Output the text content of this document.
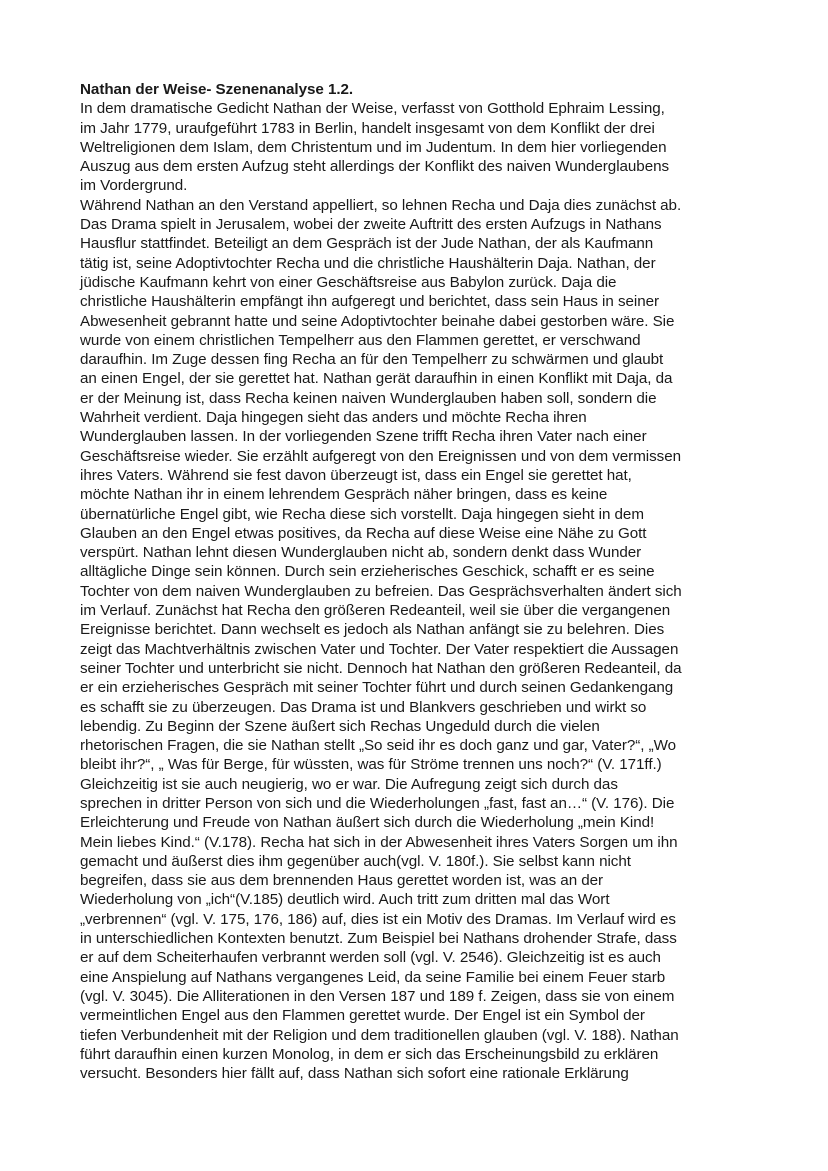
Nathan der Weise- Szenenanalyse 1.2.
In dem dramatische Gedicht Nathan der Weise, verfasst von Gotthold Ephraim Lessing,
im Jahr 1779, uraufgeführt 1783 in Berlin, handelt insgesamt von dem Konflikt der drei
Weltreligionen dem Islam, dem Christentum und im Judentum. In dem hier vorliegenden
Auszug aus dem ersten Aufzug steht allerdings der Konflikt des naiven Wunderglaubens
im Vordergrund.
Während Nathan an den Verstand appelliert, so lehnen Recha und Daja dies zunächst ab.
Das Drama spielt in Jerusalem, wobei der zweite Auftritt des ersten Aufzugs in Nathans
Hausflur stattfindet. Beteiligt an dem Gespräch ist der Jude Nathan, der als Kaufmann
tätig ist, seine Adoptivtochter Recha und die christliche Haushälterin Daja. Nathan, der
jüdische Kaufmann kehrt von einer Geschäftsreise aus Babylon zurück. Daja die
christliche Haushälterin empfängt ihn aufgeregt und berichtet, dass sein Haus in seiner
Abwesenheit gebrannt hatte und seine Adoptivtochter beinahe dabei gestorben wäre. Sie
wurde von einem christlichen Tempelherr aus den Flammen gerettet, er verschwand
daraufhin. Im Zuge dessen fing Recha an für den Tempelherr zu schwärmen und glaubt
an einen Engel, der sie gerettet hat. Nathan gerät daraufhin in einen Konflikt mit Daja, da
er der Meinung ist, dass Recha keinen naiven Wunderglauben haben soll, sondern die
Wahrheit verdient. Daja hingegen sieht das anders und möchte Recha ihren
Wunderglauben lassen. In der vorliegenden Szene trifft Recha ihren Vater nach einer
Geschäftsreise wieder. Sie erzählt aufgeregt von den Ereignissen und von dem vermissen
ihres Vaters. Während sie fest davon überzeugt ist, dass ein Engel sie gerettet hat,
möchte Nathan ihr in einem lehrendem Gespräch näher bringen, dass es keine
übernatürliche Engel gibt, wie Recha diese sich vorstellt. Daja hingegen sieht in dem
Glauben an den Engel etwas positives, da Recha auf diese Weise eine Nähe zu Gott
verspürt. Nathan lehnt diesen Wunderglauben nicht ab, sondern denkt dass Wunder
alltägliche Dinge sein können. Durch sein erzieherisches Geschick, schafft er es seine
Tochter von dem naiven Wunderglauben zu befreien. Das Gesprächsverhalten ändert sich
im Verlauf. Zunächst hat Recha den größeren Redeanteil, weil sie über die vergangenen
Ereignisse berichtet. Dann wechselt es jedoch als Nathan anfängt sie zu belehren. Dies
zeigt das Machtverhältnis zwischen Vater und Tochter. Der Vater respektiert die Aussagen
seiner Tochter und unterbricht sie nicht. Dennoch hat Nathan den größeren Redeanteil, da
er ein erzieherisches Gespräch mit seiner Tochter führt und durch seinen Gedankengang
es schafft sie zu überzeugen. Das Drama ist und Blankvers geschrieben und wirkt so
lebendig. Zu Beginn der Szene äußert sich Rechas Ungeduld durch die vielen
rhetorischen Fragen, die sie Nathan stellt „So seid ihr es doch ganz und gar, Vater?“, „Wo
bleibt ihr?“, „ Was für Berge, für wüssten, was für Ströme trennen uns noch?“ (V. 171ff.)
Gleichzeitig ist sie auch neugierig, wo er war. Die Aufregung zeigt sich durch das
sprechen in dritter Person von sich und die Wiederholungen „fast, fast an…“ (V. 176). Die
Erleichterung und Freude von Nathan äußert sich durch die Wiederholung „mein Kind!
Mein liebes Kind.“ (V.178). Recha hat sich in der Abwesenheit ihres Vaters Sorgen um ihn
gemacht und äußerst dies ihm gegenüber auch(vgl. V. 180f.). Sie selbst kann nicht
begreifen, dass sie aus dem brennenden Haus gerettet worden ist, was an der
Wiederholung von „ich“(V.185) deutlich wird. Auch tritt zum dritten mal das Wort
„verbrennen“ (vgl. V. 175, 176, 186) auf, dies ist ein Motiv des Dramas. Im Verlauf wird es
in unterschiedlichen Kontexten benutzt. Zum Beispiel bei Nathans drohender Strafe, dass
er auf dem Scheiterhaufen verbrannt werden soll (vgl. V. 2546). Gleichzeitig ist es auch
eine Anspielung auf Nathans vergangenes Leid, da seine Familie bei einem Feuer starb
(vgl. V. 3045). Die Alliterationen in den Versen 187 und 189 f. Zeigen, dass sie von einem
vermeintlichen Engel aus den Flammen gerettet wurde. Der Engel ist ein Symbol der
tiefen Verbundenheit mit der Religion und dem traditionellen glauben (vgl. V. 188). Nathan
führt daraufhin einen kurzen Monolog, in dem er sich das Erscheinungsbild zu erklären
versucht. Besonders hier fällt auf, dass Nathan sich sofort eine rationale Erklärung
